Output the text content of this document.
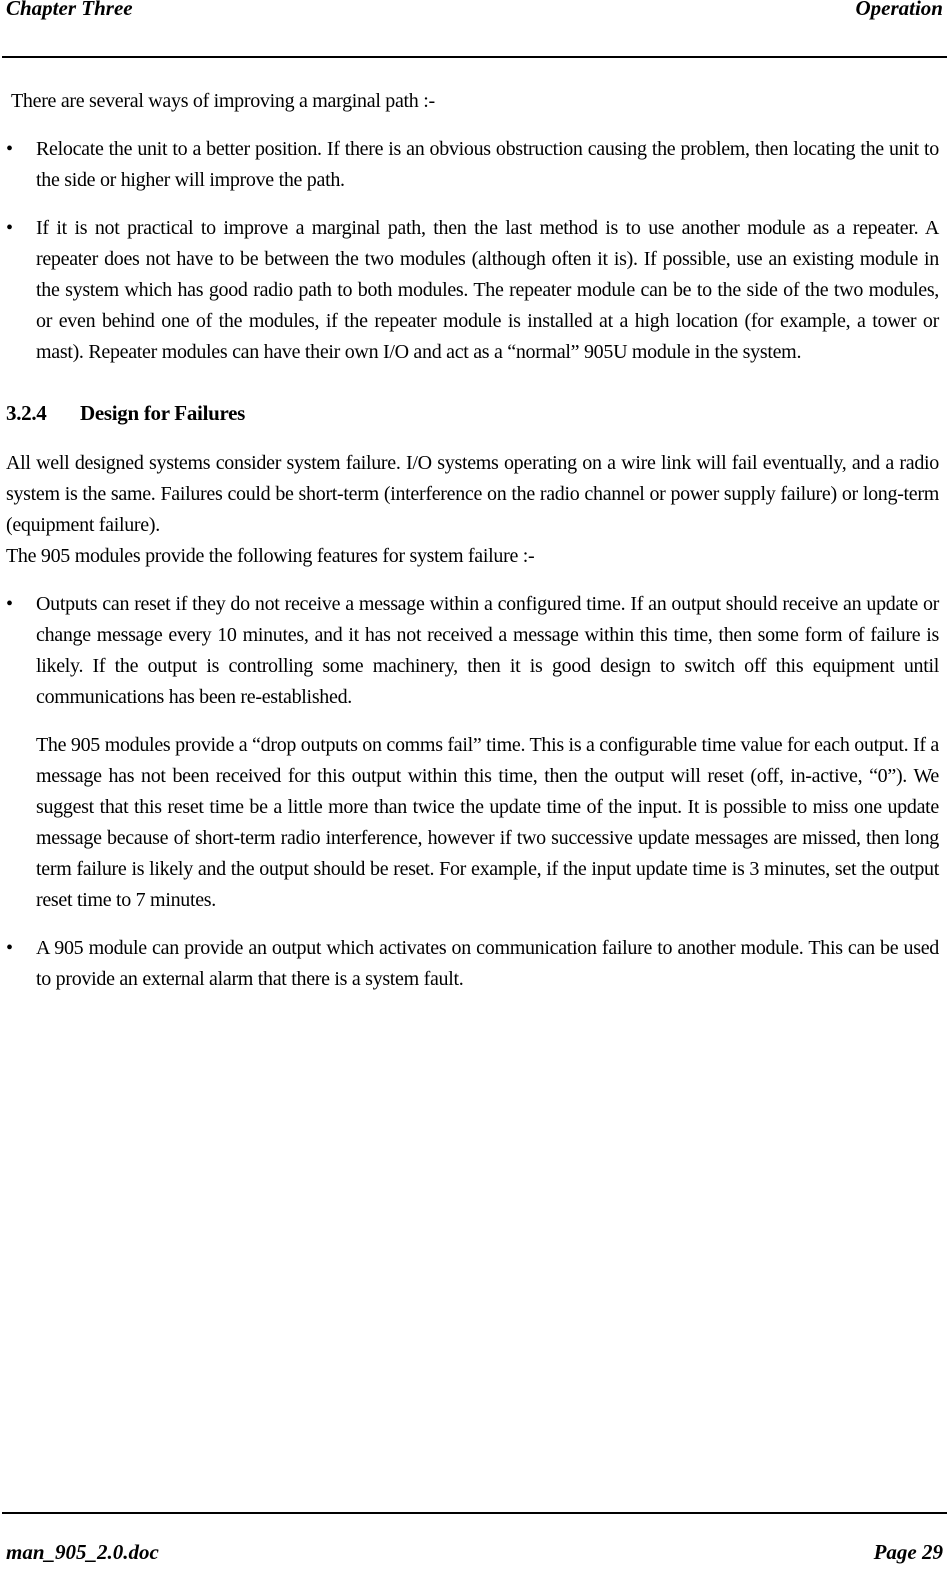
Chapter Three	Operation

There are several ways of improving a marginal path :-

•	Relocate the unit to a better position. If there is an obvious obstruction causing the problem, then locating the unit to the side or higher will improve the path.
•	If it is not practical to improve a marginal path, then the last method is to use another module as a repeater. A repeater does not have to be between the two modules (although often it is). If possible, use an existing module in the system which has good radio path to both modules. The repeater module can be to the side of the two modules, or even behind one of the modules, if the repeater module is installed at a high location (for example, a tower or mast). Repeater modules can have their own I/O and act as a “normal” 905U module in the system.
3.2.4 Design for Failures

All well designed systems consider system failure. I/O systems operating on a wire link will fail eventually, and a radio system is the same. Failures could be short-term (interference on the radio channel or power supply failure) or long-term (equipment failure).

The 905 modules provide the following features for system failure :-

•	Outputs can reset if they do not receive a message within a configured time. If an output should receive an update or change message every 10 minutes, and it has not received a message within this time, then some form of failure is likely. If the output is controlling some machinery, then it is good design to switch off this equipment until communications has been re-established.
The 905 modules provide a “drop outputs on comms fail” time. This is a configurable time value for each output. If a message has not been received for this output within this time, then the output will reset (off, in-active, “0”). We suggest that this reset time be a little more than twice the update time of the input. It is possible to miss one update message because of short-term radio interference, however if two successive update messages are missed, then long term failure is likely and the output should be reset. For example, if the input update time is 3 minutes, set the output reset time to 7 minutes.
•	A 905 module can provide an output which activates on communication failure to another module. This can be used to provide an external alarm that there is a system fault.
man_905_2.0.doc	Page 29
